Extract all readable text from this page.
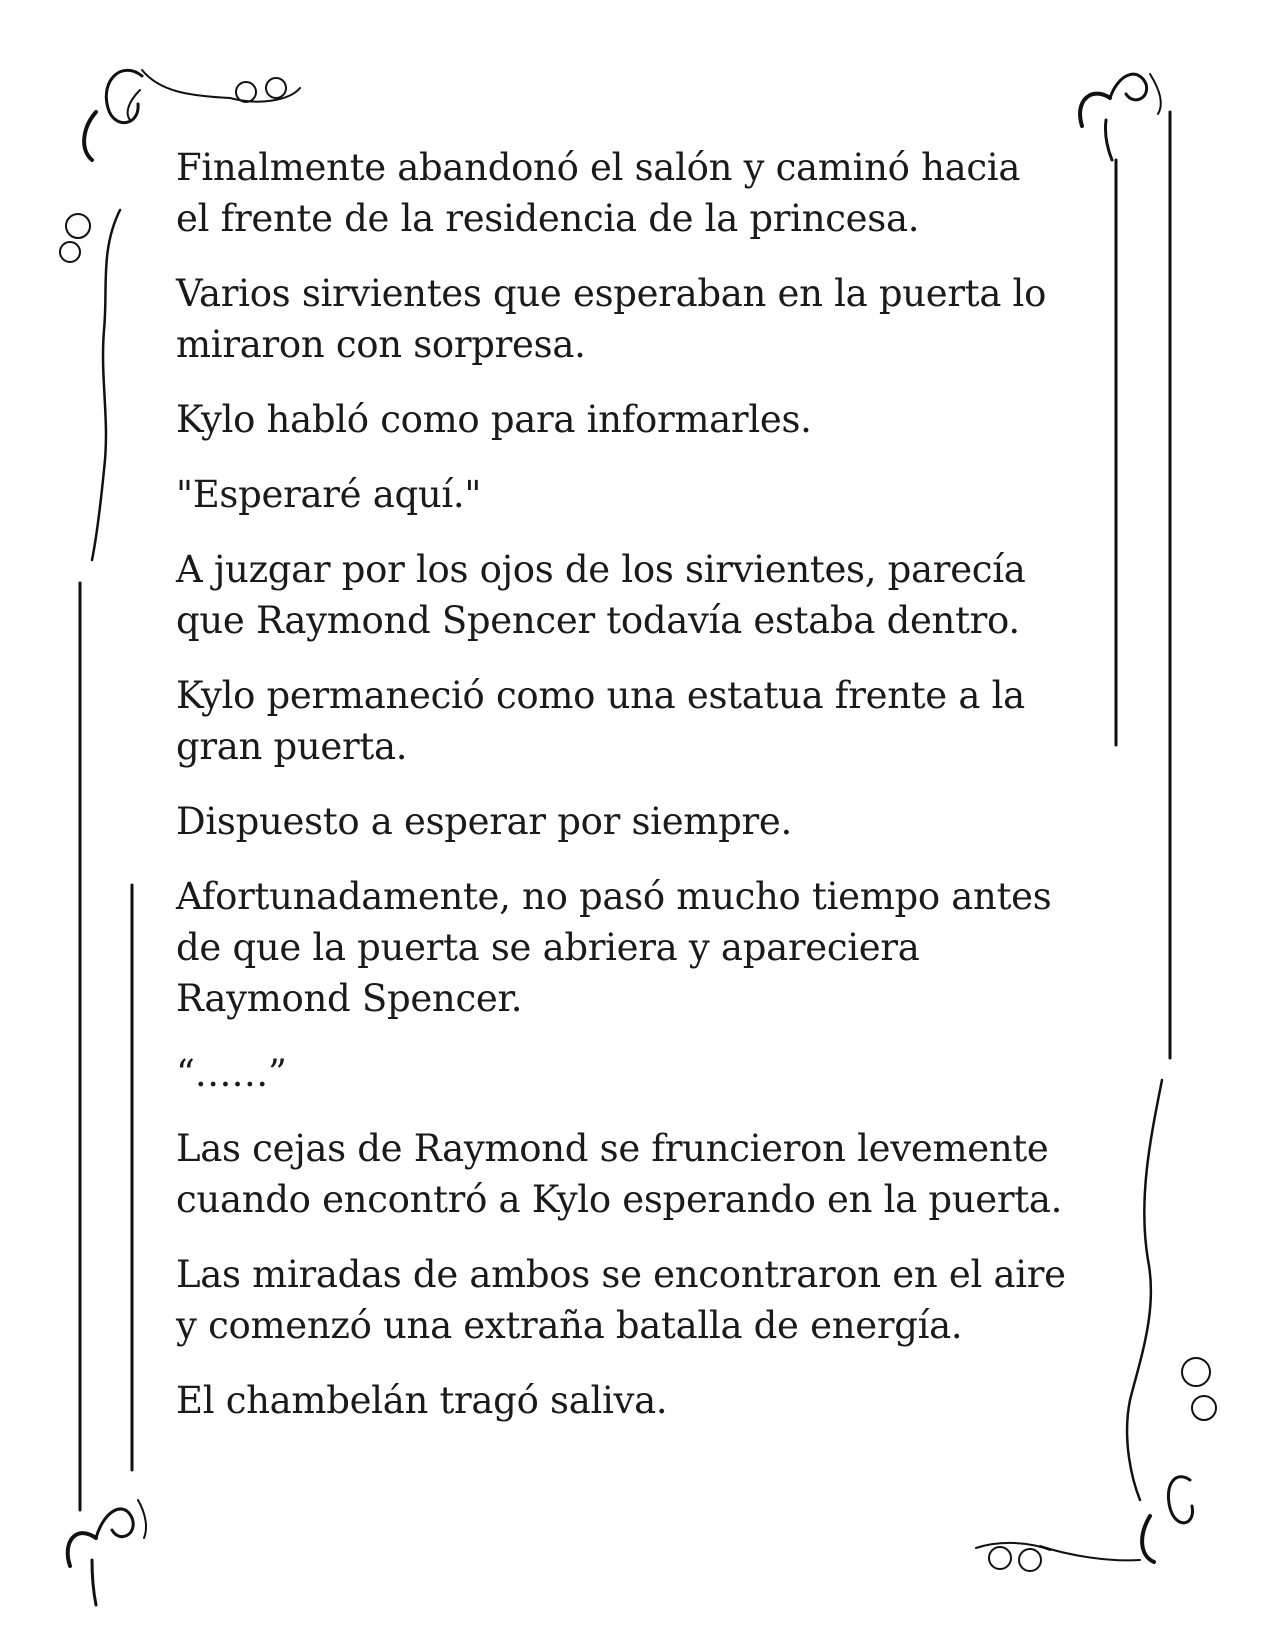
Finalmente abandonó el salón y caminó hacia
el frente de la residencia de la princesa.

Varios sirvientes que esperaban en la puerta lo
miraron con sorpresa.

Kylo habló como para informarles.

"Esperaré aquí."

A juzgar por los ojos de los sirvientes, parecía
que Raymond Spencer todavía estaba dentro.

Kylo permaneció como una estatua frente a la
gran puerta.

Dispuesto a esperar por siempre.

Afortunadamente, no pasó mucho tiempo antes
de que la puerta se abriera y apareciera
Raymond Spencer.

“……”

Las cejas de Raymond se fruncieron levemente
cuando encontró a Kylo esperando en la puerta.

Las miradas de ambos se encontraron en el aire
y comenzó una extraña batalla de energía.

El chambelán tragó saliva.
